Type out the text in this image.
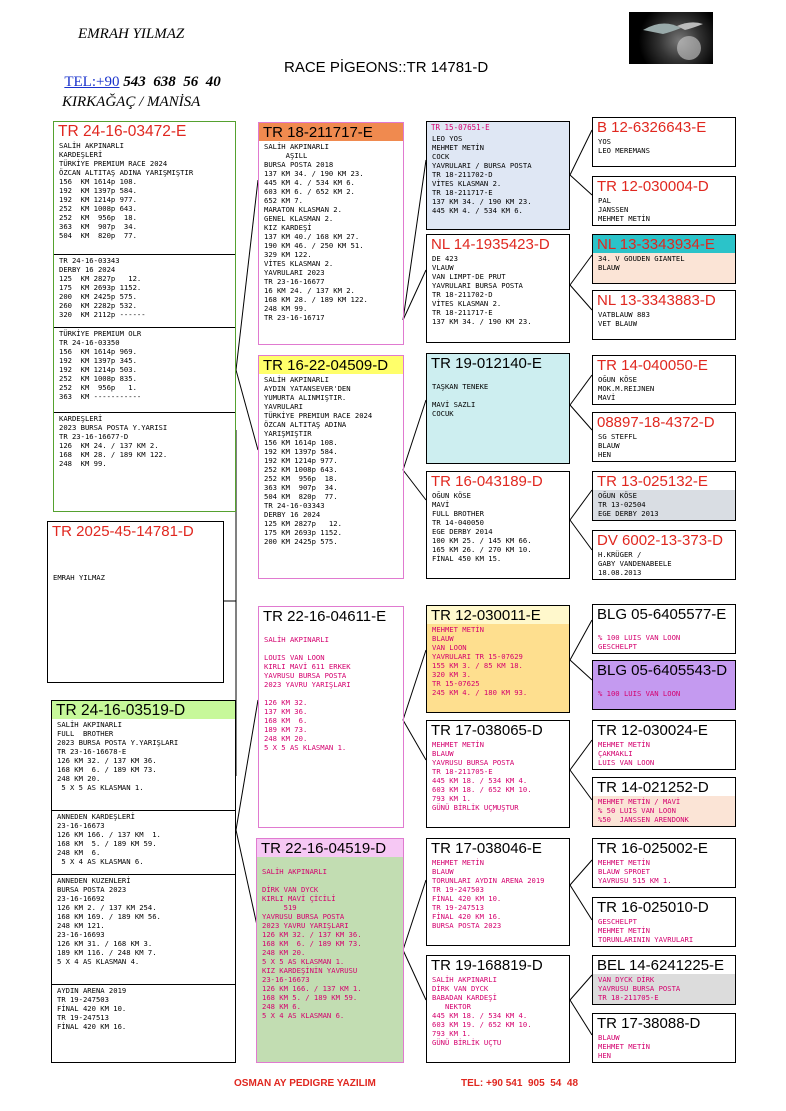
EMRAH YILMAZ

TEL:+90 543  638  56  40

KIRKAĞAÇ / MANİSA
RACE PİGEONS::TR 14781-D
TR 24-16-03472-E
SALİH AKPINARLI
KARDEŞLERİ
TÜRKİYE PREMIUM RACE 2024
ÖZCAN ALTITAŞ ADINA YARIŞMIŞTIR
156  KM 1614p 108.
192  KM 1397p 584.
192  KM 1214p 977.
252  KM 1008p 643.
252  KM  956p  18.
363  KM  907p  34.
504  KM  820p  77.
TR 24-16-03343
DERBY 16 2024
125  KM 2827p   12.
175  KM 2693p 1152.
200  KM 2425p 575.
260  KM 2282p 532.
320  KM 2112p ------
TÜRKİYE PREMIUM OLR
TR 24-16-03350
156  KM 1614p 969.
192  KM 1397p 345.
192  KM 1214p 503.
252  KM 1008p 835.
252  KM  956p   1.
363  KM -----------
KARDEŞLERİ
2023 BURSA POSTA Y.YARISI
TR 23-16-16677-D
126  KM 24. / 137 KM 2.
168  KM 28. / 189 KM 122.
248  KM 99.
TR 2025-45-14781-D

EMRAH YILMAZ
TR 24-16-03519-D
SALİH AKPINARLI
FULL  BROTHER
2023 BURSA POSTA Y.YARIŞLARI
TR 23-16-16678-E
126 KM 32. / 137 KM 36.
168 KM  6. / 189 KM 73.
248 KM 20.
5 X 5 AS KLASMAN 1.
ANNEDEN KARDEŞLERİ
23-16-16673
126 KM 166. / 137 KM  1.
168 KM  5. / 189 KM 59.
248 KM  6.
5 X 4 AS KLASMAN 6.
ANNEDEN KUZENLERİ
BURSA POSTA 2023
23-16-16692
126 KM 2. / 137 KM 254.
168 KM 169. / 189 KM 56.
248 KM 121.
23-16-16693
126 KM 31. / 168 KM 3.
189 KM 116. / 248 KM 7.
5 X 4 AS KLASMAN 4.
AYDIN ARENA 2019
TR 19-247503
FİNAL 420 KM 10.
TR 19-247513
FİNAL 420 KM 16.
TR 18-211717-E
SALİH AKPINARLI
AŞILL
BURSA POSTA 2018
137 KM 34. / 190 KM 23.
445 KM 4. / 534 KM 6.
603 KM 6. / 652 KM 2.
652 KM 7.
MARATON KLASMAN 2.
GENEL KLASMAN 2.
KIZ KARDEŞİ
137 KM 40./ 168 KM 27.
190 KM 46. / 250 KM 51.
329 KM 122.
VİTES KLASMAN 2.
YAVRULARI 2023
TR 23-16-16677
16 KM 24. / 137 KM 2.
168 KM 28. / 189 KM 122.
248 KM 99.
TR 23-16-16717
TR 16-22-04509-D
SALİH AKPINARLI
AYDIN YATANSEVER'DEN
YUMURTA ALINMIŞTIR.
YAVRULARI
TÜRKİYE PREMIUM RACE 2024
ÖZCAN ALTITAŞ ADINA
YARIŞMIŞTIR
156 KM 1614p 108.
192 KM 1397p 584.
192 KM 1214p 977.
252 KM 1008p 643.
252 KM  956p  18.
363 KM  907p  34.
504 KM  820p  77.
TR 24-16-03343
DERBY 16 2024
125 KM 2827p   12.
175 KM 2693p 1152.
200 KM 2425p 575.
TR 22-16-04611-E

SALİH AKPINARLI

LOUIS VAN LOON
KIRLI MAVİ 611 ERKEK
YAVRUSU BURSA POSTA
2023 YAVRU YARIŞLARI

126 KM 32.
137 KM 36.
168 KM  6.
189 KM 73.
248 KM 20.
5 X 5 AS KLASMAN 1.
TR 22-16-04519-D

SALİH AKPINARLI

DİRK VAN DYCK
KIRLI MAVİ ÇİCİLİ
519
YAVRUSU BURSA POSTA
2023 YAVRU YARIŞLARI
126 KM 32. / 137 KM 36.
168 KM  6. / 189 KM 73.
248 KM 20.
5 X 5 AS KLASMAN 1.
KIZ KARDEŞİNİN YAVRUSU
23-16-16673
126 KM 166. / 137 KM 1.
168 KM 5. / 189 KM 59.
248 KM 6.
5 X 4 AS KLASMAN 6.
TR 15-07651-E
LEO YOS
MEHMET METİN
COCK
YAVRULARI / BURSA POSTA
TR 18-211702-D
VİTES KLASMAN 2.
TR 18-211717-E
137 KM 34. / 190 KM 23.
445 KM 4. / 534 KM 6.
NL 14-1935423-D
DE 423
VLAUW
VAN LIMPT-DE PRUT
YAVRULARI BURSA POSTA
TR 18-211702-D
VİTES KLASMAN 2.
TR 18-211717-E
137 KM 34. / 190 KM 23.
TR 19-012140-E

TAŞKAN TENEKE

MAVİ SAZLI
COCUK
TR 16-043189-D
OĞUN KÖSE
MAVİ
FULL BROTHER
TR 14-040050
EGE DERBY 2014
100 KM 25. / 145 KM 66.
165 KM 26. / 270 KM 10.
FİNAL 450 KM 15.
TR 12-030011-E
MEHMET METİN
BLAUW
VAN LOON
YAVRULARI TR 15-07629
155 KM 3. / 85 KM 18.
320 KM 3.
TR 15-07625
245 KM 4. / 180 KM 93.
TR 17-038065-D
MEHMET METİN
BLAUW
YAVRUSU BURSA POSTA
TR 18-211705-E
445 KM 18. / 534 KM 4.
603 KM 18. / 652 KM 10.
793 KM 1.
GÜNÜ BİRLİK UÇMUŞTUR
TR 17-038046-E
MEHMET METİN
BLAUW
TORUNLARI AYDIN ARENA 2019
TR 19-247503
FİNAL 420 KM 10.
TR 19-247513
FİNAL 420 KM 16.
BURSA POSTA 2023
TR 19-168819-D
SALİH AKPINARLI
DİRK VAN DYCK
BABADAN KARDEŞİ
NEKTOR
445 KM 18. / 534 KM 4.
603 KM 19. / 652 KM 10.
793 KM 1.
GÜNÜ BİRLİK UÇTU
B 12-6326643-E
YOS
LEO MEREMANS
TR 12-030004-D
PAL
JANSSEN
MEHMET METİN
NL 13-3343934-E
34. V GOUDEN GIANTEL
BLAUW
NL 13-3343883-D
VATBLAUW 883
VET BLAUW
TR 14-040050-E
OĞUN KÖSE
MOK.M.REIJNEN
MAVİ
08897-18-4372-D
SG STEFFL
BLAUW
HEN
TR 13-025132-E
OĞUN KÖSE
TR 13-02504
EGE DERBY 2013
DV 6002-13-373-D
H.KRÜGER /
GABY VANDENABEELE
18.08.2013
BLG 05-6405577-E

% 100 LUIS VAN LOON
GESCHELPT
BLG 05-6405543-D

% 100 LUIS VAN LOON
TR 12-030024-E
MEHMET METİN
ÇAKMAKLI
LUIS VAN LOON
TR 14-021252-D
MEHMET METİN / MAVİ
% 50 LUIS VAN LOON
%50  JANSSEN ARENDONK
TR 16-025002-E
MEHMET METİN
BLAUW SPROET
YAVRUSU 515 KM 1.
TR 16-025010-D
GESCHELPT
MEHMET METİN
TORUNLARININ YAVRULARI
BEL 14-6241225-E
VAN DYCK DİRK
YAVRUSU BURSA POSTA
TR 18-211705-E
TR 17-38088-D
BLAUW
MEHMET METİN
HEN
OSMAN AY PEDIGRE YAZILIM	TEL: +90 541  905  54  48
